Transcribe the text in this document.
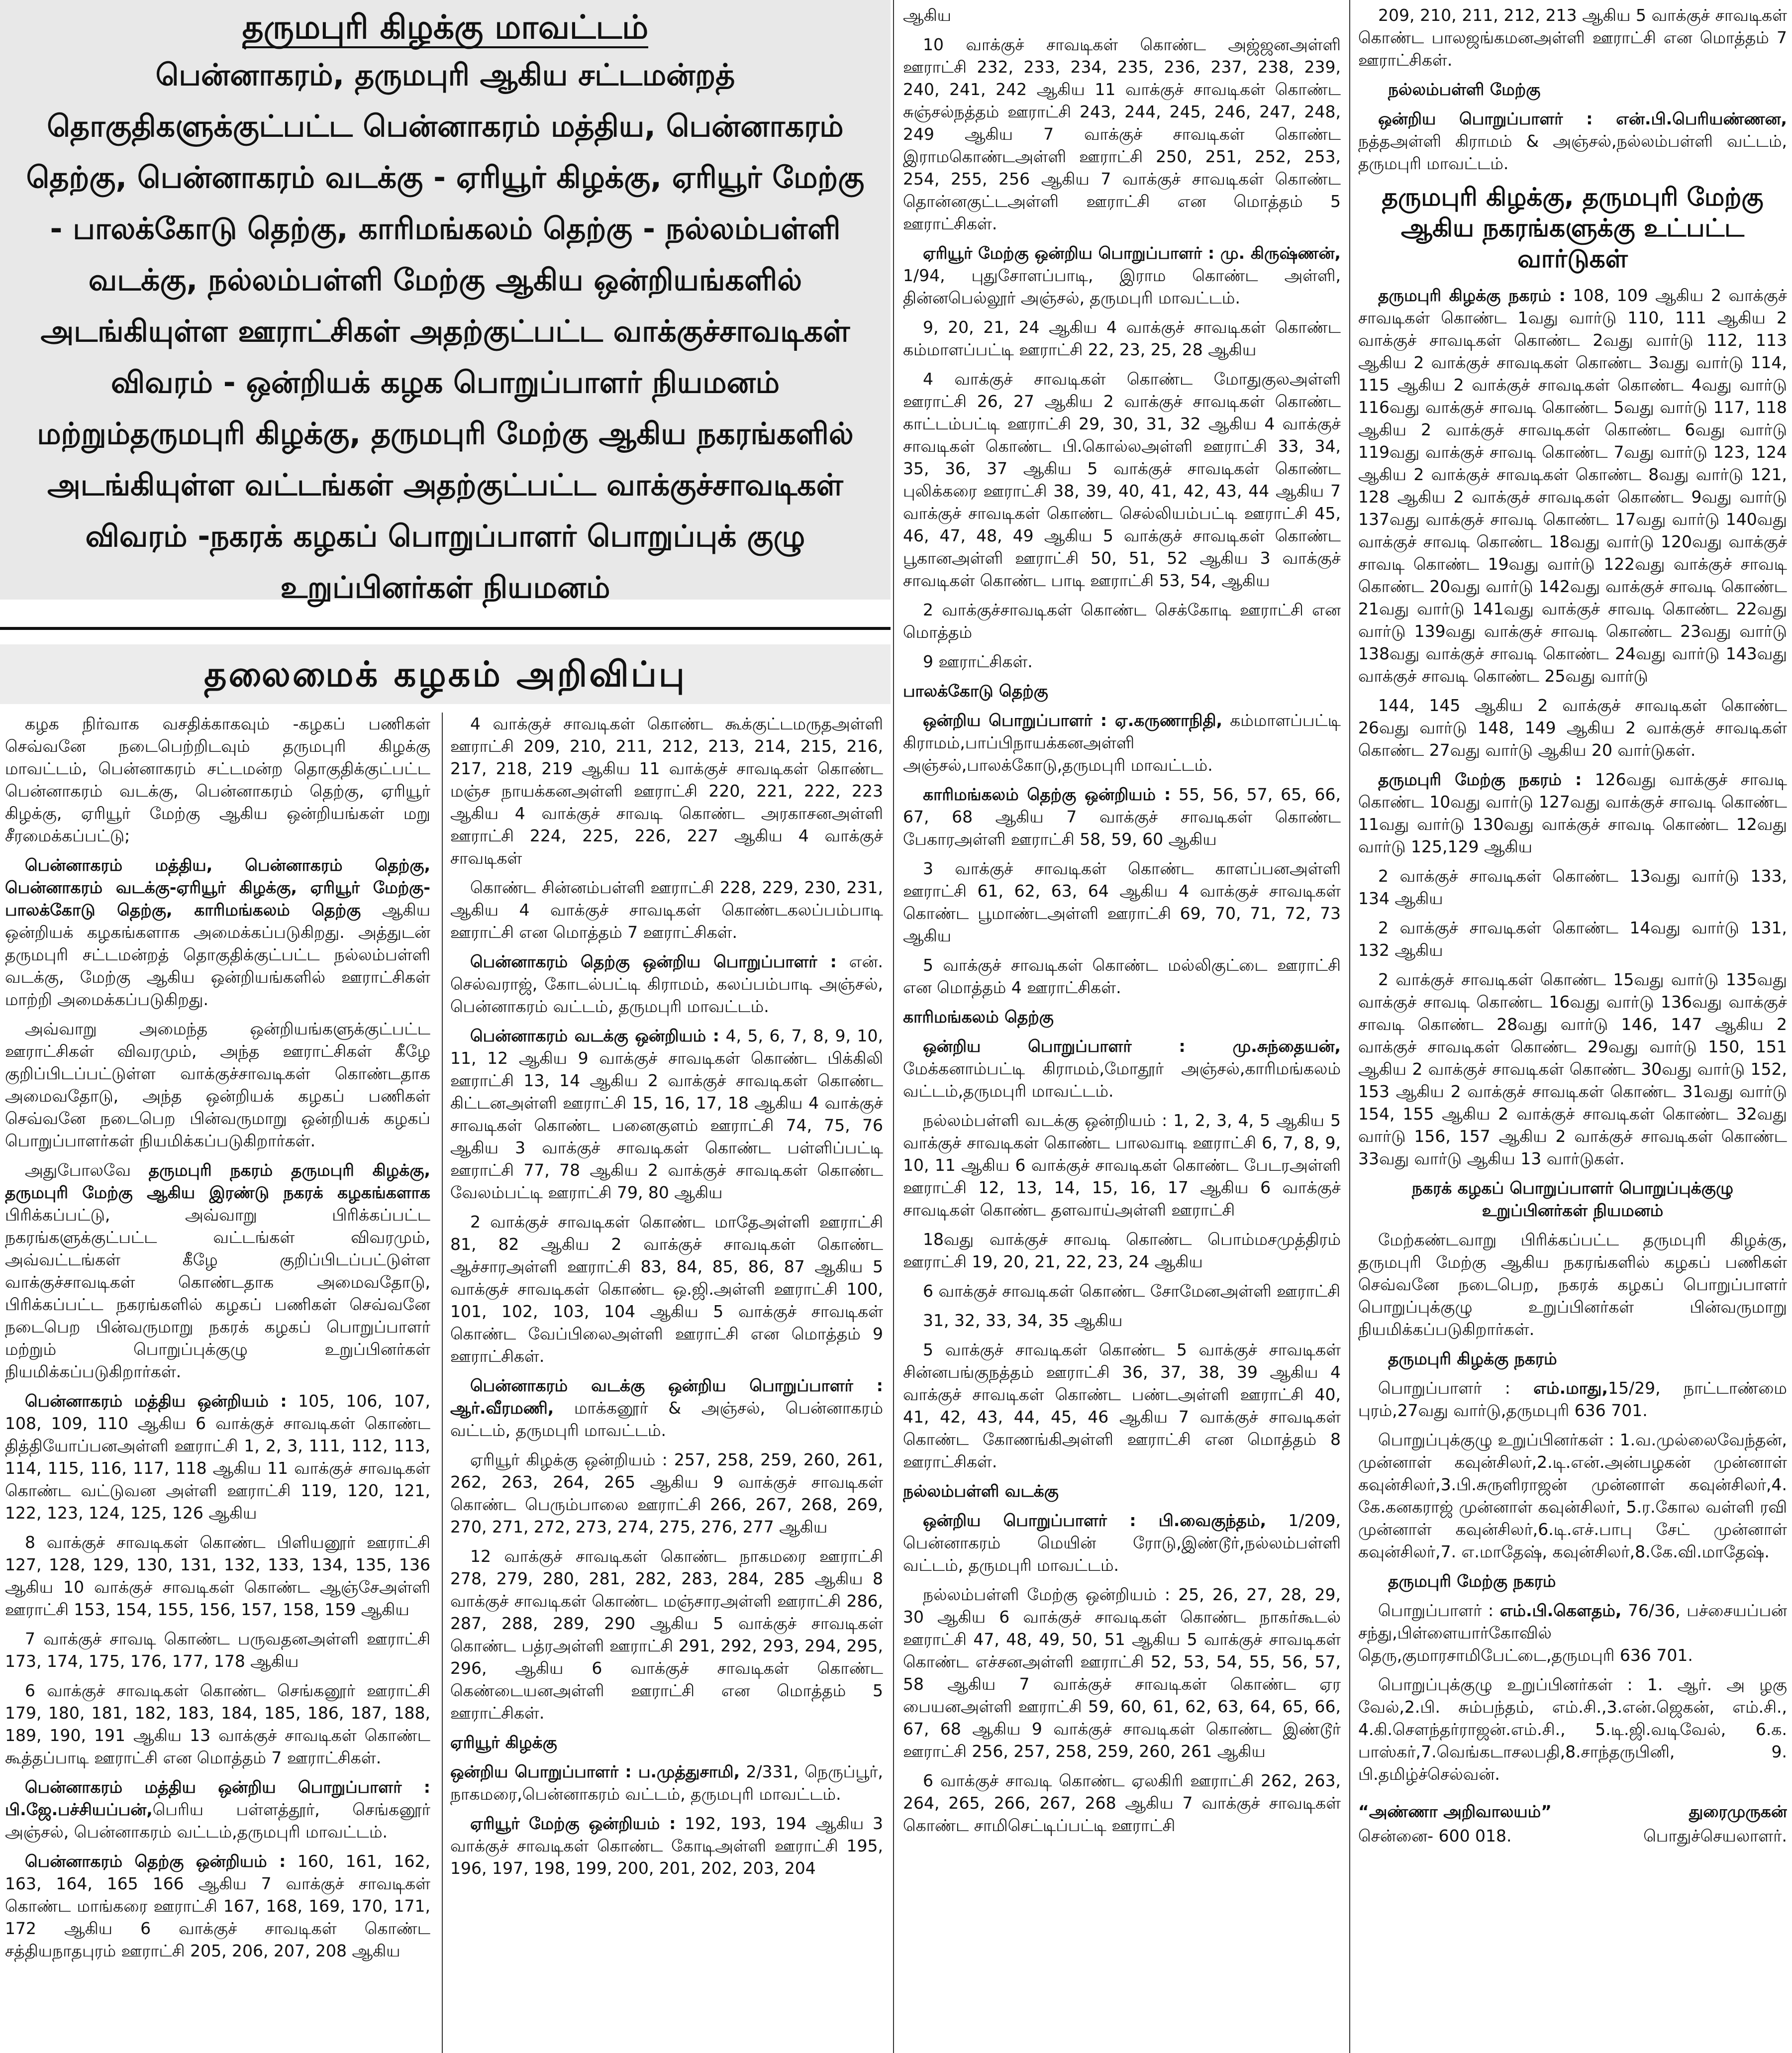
தருமபுரி கிழக்கு மாவட்டம்
பென்னாகரம், தருமபுரி ஆகிய சட்டமன்றத் தொகுதிகளுக்குட்பட்ட பென்னாகரம் மத்திய, பென்னாகரம் தெற்கு, பென்னாகரம் வடக்கு - ஏரியூர் கிழக்கு, ஏரியூர் மேற்கு - பாலக்கோடு தெற்கு, காரிமங்கலம் தெற்கு - நல்லம்பள்ளி வடக்கு, நல்லம்பள்ளி மேற்கு ஆகிய ஒன்றியங்களில் அடங்கியுள்ள ஊராட்சிகள் அதற்குட்பட்ட வாக்குச்சாவடிகள் விவரம் - ஒன்றியக் கழக பொறுப்பாளர் நியமனம் மற்றும்தருமபுரி கிழக்கு, தருமபுரி மேற்கு ஆகிய நகரங்களில் அடங்கியுள்ள வட்டங்கள் அதற்குட்பட்ட வாக்குச்சாவடிகள் விவரம் -நகரக் கழகப் பொறுப்பாளர் பொறுப்புக் குழு உறுப்பினர்கள் நியமனம்
தலைமைக் கழகம் அறிவிப்பு

கழக நிர்வாக வசதிக்காகவும் -கழகப் பணிகள் செவ்வனே நடைபெற்றிடவும் தருமபுரி கிழக்கு மாவட்டம், பென்னாகரம் சட்டமன்ற தொகுதிக்குட்பட்ட பென்னாகரம் வடக்கு, பென்னாகரம் தெற்கு, ஏரியூர் கிழக்கு, ஏரியூர் மேற்கு ஆகிய ஒன்றியங்கள் மறு சீரமைக்கப்பட்டு;

பென்னாகரம் மத்திய, பென்னாகரம் தெற்கு, பென்னாகரம் வடக்கு-ஏரியூர் கிழக்கு, ஏரியூர் மேற்கு-பாலக்கோடு தெற்கு, காரிமங்கலம் தெற்கு ஆகிய ஒன்றியக் கழகங்களாக அமைக்கப்படுகிறது. அத்துடன் தருமபுரி சட்டமன்றத் தொகுதிக்குட்பட்ட நல்லம்பள்ளி வடக்கு, மேற்கு ஆகிய ஒன்றியங்களில் ஊராட்சிகள் மாற்றி அமைக்கப்படுகிறது.

அவ்வாறு அமைந்த ஒன்றியங்களுக்குட்பட்ட ஊராட்சிகள் விவரமும், அந்த ஊராட்சிகள் கீழே குறிப்பிடப்பட்டுள்ள வாக்குச்சாவடிகள் கொண்டதாக அமைவதோடு, அந்த ஒன்றியக் கழகப் பணிகள் செவ்வனே நடைபெற பின்வருமாறு ஒன்றியக் கழகப் பொறுப்பாளர்கள் நியமிக்கப்படுகிறார்கள்.

அதுபோலவே தருமபுரி நகரம் தருமபுரி கிழக்கு, தருமபுரி மேற்கு ஆகிய இரண்டு நகரக் கழகங்களாக பிரிக்கப்பட்டு, அவ்வாறு பிரிக்கப்பட்ட நகரங்களுக்குட்பட்ட வட்டங்கள் விவரமும், அவ்வட்டங்கள் கீழே குறிப்பிடப்பட்டுள்ள வாக்குச்சாவடிகள் கொண்டதாக அமைவதோடு, பிரிக்கப்பட்ட நகரங்களில் கழகப் பணிகள் செவ்வனே நடைபெற பின்வருமாறு நகரக் கழகப் பொறுப்பாளர் மற்றும் பொறுப்புக்குழு உறுப்பினர்கள் நியமிக்கப்படுகிறார்கள்.

பென்னாகரம் மத்திய ஒன்றியம் : 105, 106, 107, 108, 109, 110 ஆகிய 6 வாக்குச் சாவடிகள் கொண்ட தித்தியோப்பனஅள்ளி ஊராட்சி 1, 2, 3, 111, 112, 113, 114, 115, 116, 117, 118 ஆகிய 11 வாக்குச் சாவடிகள் கொண்ட வட்டுவன அள்ளி ஊராட்சி 119, 120, 121, 122, 123, 124, 125, 126 ஆகிய

8 வாக்குச் சாவடிகள் கொண்ட பிளியனூர் ஊராட்சி 127, 128, 129, 130, 131, 132, 133, 134, 135, 136 ஆகிய 10 வாக்குச் சாவடிகள் கொண்ட ஆஞ்சேஅள்ளி ஊராட்சி 153, 154, 155, 156, 157, 158, 159 ஆகிய

7 வாக்குச் சாவடி கொண்ட பருவதனஅள்ளி ஊராட்சி 173, 174, 175, 176, 177, 178 ஆகிய

6 வாக்குச் சாவடிகள் கொண்ட செங்கனூர் ஊராட்சி 179, 180, 181, 182, 183, 184, 185, 186, 187, 188, 189, 190, 191 ஆகிய 13 வாக்குச் சாவடிகள் கொண்ட கூத்தப்பாடி ஊராட்சி என மொத்தம் 7 ஊராட்சிகள்.

பென்னாகரம் மத்திய ஒன்றிய பொறுப்பாளர் : பி.ஜே.பச்சியப்பன்,பெரிய பள்ளத்தூர், செங்கனூர் அஞ்சல், பென்னாகரம் வட்டம்,தருமபுரி மாவட்டம்.

பென்னாகரம் தெற்கு ஒன்றியம் : 160, 161, 162, 163, 164, 165 166 ஆகிய 7 வாக்குச் சாவடிகள் கொண்ட மாங்கரை ஊராட்சி 167, 168, 169, 170, 171, 172 ஆகிய 6 வாக்குச் சாவடிகள் கொண்ட சத்தியநாதபுரம் ஊராட்சி 205, 206, 207, 208 ஆகிய

4 வாக்குச் சாவடிகள் கொண்ட கூக்குட்டமருதஅள்ளி ஊராட்சி 209, 210, 211, 212, 213, 214, 215, 216, 217, 218, 219 ஆகிய 11 வாக்குச் சாவடிகள் கொண்ட மஞ்ச நாயக்கனஅள்ளி ஊராட்சி 220, 221, 222, 223 ஆகிய 4 வாக்குச் சாவடி கொண்ட அரகாசனஅள்ளி ஊராட்சி 224, 225, 226, 227 ஆகிய 4 வாக்குச் சாவடிகள்

கொண்ட சின்னம்பள்ளி ஊராட்சி 228, 229, 230, 231, ஆகிய 4 வாக்குச் சாவடிகள் கொண்டகலப்பம்பாடி ஊராட்சி என மொத்தம் 7 ஊராட்சிகள்.

பென்னாகரம் தெற்கு ஒன்றிய பொறுப்பாளர் : என். செல்வராஜ், கோடல்பட்டி கிராமம், கலப்பம்பாடி அஞ்சல், பென்னாகரம் வட்டம், தருமபுரி மாவட்டம்.

பென்னாகரம் வடக்கு ஒன்றியம் : 4, 5, 6, 7, 8, 9, 10, 11, 12 ஆகிய 9 வாக்குச் சாவடிகள் கொண்ட பிக்கிலி ஊராட்சி 13, 14 ஆகிய 2 வாக்குச் சாவடிகள் கொண்ட கிட்டனஅள்ளி ஊராட்சி 15, 16, 17, 18 ஆகிய 4 வாக்குச் சாவடிகள் கொண்ட பனைகுளம் ஊராட்சி 74, 75, 76 ஆகிய 3 வாக்குச் சாவடிகள் கொண்ட பள்ளிப்பட்டி ஊராட்சி 77, 78 ஆகிய 2 வாக்குச் சாவடிகள் கொண்ட வேலம்பட்டி ஊராட்சி 79, 80 ஆகிய

2 வாக்குச் சாவடிகள் கொண்ட மாதேஅள்ளி ஊராட்சி 81, 82 ஆகிய 2 வாக்குச் சாவடிகள் கொண்ட ஆச்சாரஅள்ளி ஊராட்சி 83, 84, 85, 86, 87 ஆகிய 5 வாக்குச் சாவடிகள் கொண்ட ஒ.ஜி.அள்ளி ஊராட்சி 100, 101, 102, 103, 104 ஆகிய 5 வாக்குச் சாவடிகள் கொண்ட வேப்பிலைஅள்ளி ஊராட்சி என மொத்தம் 9 ஊராட்சிகள்.

பென்னாகரம் வடக்கு ஒன்றிய பொறுப்பாளர் : ஆர்.வீரமணி, மாக்கனூர் & அஞ்சல், பென்னாகரம் வட்டம், தருமபுரி மாவட்டம்.

ஏரியூர் கிழக்கு ஒன்றியம் : 257, 258, 259, 260, 261, 262, 263, 264, 265 ஆகிய 9 வாக்குச் சாவடிகள் கொண்ட பெரும்பாலை ஊராட்சி 266, 267, 268, 269, 270, 271, 272, 273, 274, 275, 276, 277 ஆகிய

12 வாக்குச் சாவடிகள் கொண்ட நாகமரை ஊராட்சி 278, 279, 280, 281, 282, 283, 284, 285 ஆகிய 8 வாக்குச் சாவடிகள் கொண்ட மஞ்சாரஅள்ளி ஊராட்சி 286, 287, 288, 289, 290 ஆகிய 5 வாக்குச் சாவடிகள் கொண்ட பத்ரஅள்ளி ஊராட்சி 291, 292, 293, 294, 295, 296, ஆகிய 6 வாக்குச் சாவடிகள் கொண்ட கெண்டையனஅள்ளி ஊராட்சி என மொத்தம் 5 ஊராட்சிகள்.

ஏரியூர் கிழக்கு

ஒன்றிய பொறுப்பாளர் : ப.முத்துசாமி, 2/331, நெருப்பூர், நாகமரை,பென்னாகரம் வட்டம், தருமபுரி மாவட்டம்.

ஏரியூர் மேற்கு ஒன்றியம் : 192, 193, 194 ஆகிய 3 வாக்குச் சாவடிகள் கொண்ட கோடிஅள்ளி ஊராட்சி 195, 196, 197, 198, 199, 200, 201, 202, 203, 204

ஆகிய

10 வாக்குச் சாவடிகள் கொண்ட அஜ்ஜனஅள்ளி ஊராட்சி 232, 233, 234, 235, 236, 237, 238, 239, 240, 241, 242 ஆகிய 11 வாக்குச் சாவடிகள் கொண்ட சுஞ்சல்நத்தம் ஊராட்சி 243, 244, 245, 246, 247, 248, 249 ஆகிய 7 வாக்குச் சாவடிகள் கொண்ட இராமகொண்டஅள்ளி ஊராட்சி 250, 251, 252, 253, 254, 255, 256 ஆகிய 7 வாக்குச் சாவடிகள் கொண்ட தொன்னகுட்டஅள்ளி ஊராட்சி என மொத்தம் 5 ஊராட்சிகள்.

ஏரியூர் மேற்கு ஒன்றிய பொறுப்பாளர் : மு. கிருஷ்ணன், 1/94, புதுசோளப்பாடி, இராம கொண்ட அள்ளி, தின்னபெல்லூர் அஞ்சல், தருமபுரி மாவட்டம்.

9, 20, 21, 24 ஆகிய 4 வாக்குச் சாவடிகள் கொண்ட கம்மாளப்பட்டி ஊராட்சி 22, 23, 25, 28 ஆகிய

4 வாக்குச் சாவடிகள் கொண்ட மோதுகுலஅள்ளி ஊராட்சி 26, 27 ஆகிய 2 வாக்குச் சாவடிகள் கொண்ட காட்டம்பட்டி ஊராட்சி 29, 30, 31, 32 ஆகிய 4 வாக்குச் சாவடிகள் கொண்ட பி.கொல்லஅள்ளி ஊராட்சி 33, 34, 35, 36, 37 ஆகிய 5 வாக்குச் சாவடிகள் கொண்ட புலிக்கரை ஊராட்சி 38, 39, 40, 41, 42, 43, 44 ஆகிய 7 வாக்குச் சாவடிகள் கொண்ட செல்லியம்பட்டி ஊராட்சி 45, 46, 47, 48, 49 ஆகிய 5 வாக்குச் சாவடிகள் கொண்ட பூகானஅள்ளி ஊராட்சி 50, 51, 52 ஆகிய 3 வாக்குச் சாவடிகள் கொண்ட பாடி ஊராட்சி 53, 54, ஆகிய

2 வாக்குச்சாவடிகள் கொண்ட செக்கோடி ஊராட்சி என மொத்தம்

9 ஊராட்சிகள்.

பாலக்கோடு தெற்கு

ஒன்றிய பொறுப்பாளர் : ஏ.கருணாநிதி, கம்மாளப்பட்டி கிராமம்,பாப்பிநாயக்கனஅள்ளி அஞ்சல்,பாலக்கோடு,தருமபுரி மாவட்டம்.

காரிமங்கலம் தெற்கு ஒன்றியம் : 55, 56, 57, 65, 66, 67, 68 ஆகிய 7 வாக்குச் சாவடிகள் கொண்ட பேகாரஅள்ளி ஊராட்சி 58, 59, 60 ஆகிய

3 வாக்குச் சாவடிகள் கொண்ட காளப்பனஅள்ளி ஊராட்சி 61, 62, 63, 64 ஆகிய 4 வாக்குச் சாவடிகள் கொண்ட பூமாண்டஅள்ளி ஊராட்சி 69, 70, 71, 72, 73 ஆகிய

5 வாக்குச் சாவடிகள் கொண்ட மல்லிகுட்டை ஊராட்சி என மொத்தம் 4 ஊராட்சிகள்.

காரிமங்கலம் தெற்கு

ஒன்றிய பொறுப்பாளர் : மு.சுந்தையன், மேக்கனாம்பட்டி கிராமம்,மோதூர் அஞ்சல்,காரிமங்கலம் வட்டம்,தருமபுரி மாவட்டம்.

நல்லம்பள்ளி வடக்கு ஒன்றியம் : 1, 2, 3, 4, 5 ஆகிய 5 வாக்குச் சாவடிகள் கொண்ட பாலவாடி ஊராட்சி 6, 7, 8, 9, 10, 11 ஆகிய 6 வாக்குச் சாவடிகள் கொண்ட பேடரஅள்ளி ஊராட்சி 12, 13, 14, 15, 16, 17 ஆகிய 6 வாக்குச் சாவடிகள் கொண்ட தளவாய்அள்ளி ஊராட்சி

18வது வாக்குச் சாவடி கொண்ட பொம்மசமுத்திரம் ஊராட்சி 19, 20, 21, 22, 23, 24 ஆகிய

6 வாக்குச் சாவடிகள் கொண்ட சோமேனஅள்ளி ஊராட்சி

31, 32, 33, 34, 35 ஆகிய

5 வாக்குச் சாவடிகள் கொண்ட 5 வாக்குச் சாவடிகள் சின்னபங்குநத்தம் ஊராட்சி 36, 37, 38, 39 ஆகிய 4 வாக்குச் சாவடிகள் கொண்ட பண்டஅள்ளி ஊராட்சி 40, 41, 42, 43, 44, 45, 46 ஆகிய 7 வாக்குச் சாவடிகள் கொண்ட கோணங்கிஅள்ளி ஊராட்சி என மொத்தம் 8 ஊராட்சிகள்.

நல்லம்பள்ளி வடக்கு

ஒன்றிய பொறுப்பாளர் : பி.வைகுந்தம், 1/209, பென்னாகரம் மெயின் ரோடு,இண்டூர்,நல்லம்பள்ளி வட்டம், தருமபுரி மாவட்டம்.

நல்லம்பள்ளி மேற்கு ஒன்றியம் : 25, 26, 27, 28, 29, 30 ஆகிய 6 வாக்குச் சாவடிகள் கொண்ட நாகர்கூடல் ஊராட்சி 47, 48, 49, 50, 51 ஆகிய 5 வாக்குச் சாவடிகள் கொண்ட எச்சனஅள்ளி ஊராட்சி 52, 53, 54, 55, 56, 57, 58 ஆகிய 7 வாக்குச் சாவடிகள் கொண்ட ஏர பையனஅள்ளி ஊராட்சி 59, 60, 61, 62, 63, 64, 65, 66, 67, 68 ஆகிய 9 வாக்குச் சாவடிகள் கொண்ட இண்டூர் ஊராட்சி 256, 257, 258, 259, 260, 261 ஆகிய

6 வாக்குச் சாவடி கொண்ட ஏலகிரி ஊராட்சி 262, 263, 264, 265, 266, 267, 268 ஆகிய 7 வாக்குச் சாவடிகள் கொண்ட சாமிசெட்டிப்பட்டி ஊராட்சி

209, 210, 211, 212, 213 ஆகிய 5 வாக்குச் சாவடிகள் கொண்ட பாலஜங்கமனஅள்ளி ஊராட்சி என மொத்தம் 7 ஊராட்சிகள்.

நல்லம்பள்ளி மேற்கு

ஒன்றிய பொறுப்பாளர் : என்.பி.பெரியண்ணன, நத்தஅள்ளி கிராமம் & அஞ்சல்,நல்லம்பள்ளி வட்டம், தருமபுரி மாவட்டம்.

தருமபுரி கிழக்கு, தருமபுரி மேற்கு ஆகிய நகரங்களுக்கு உட்பட்ட வார்டுகள்

தருமபுரி கிழக்கு நகரம் : 108, 109 ஆகிய 2 வாக்குச் சாவடிகள் கொண்ட 1வது வார்டு 110, 111 ஆகிய 2 வாக்குச் சாவடிகள் கொண்ட 2வது வார்டு 112, 113 ஆகிய 2 வாக்குச் சாவடிகள் கொண்ட 3வது வார்டு 114, 115 ஆகிய 2 வாக்குச் சாவடிகள் கொண்ட 4வது வார்டு 116வது வாக்குச் சாவடி கொண்ட 5வது வார்டு 117, 118 ஆகிய 2 வாக்குச் சாவடிகள் கொண்ட 6வது வார்டு 119வது வாக்குச் சாவடி கொண்ட 7வது வார்டு 123, 124 ஆகிய 2 வாக்குச் சாவடிகள் கொண்ட 8வது வார்டு 121, 128 ஆகிய 2 வாக்குச் சாவடிகள் கொண்ட 9வது வார்டு 137வது வாக்குச் சாவடி கொண்ட 17வது வார்டு 140வது வாக்குச் சாவடி கொண்ட 18வது வார்டு 120வது வாக்குச் சாவடி கொண்ட 19வது வார்டு 122வது வாக்குச் சாவடி கொண்ட 20வது வார்டு 142வது வாக்குச் சாவடி கொண்ட 21வது வார்டு 141வது வாக்குச் சாவடி கொண்ட 22வது வார்டு 139வது வாக்குச் சாவடி கொண்ட 23வது வார்டு 138வது வாக்குச் சாவடி கொண்ட 24வது வார்டு 143வது வாக்குச் சாவடி கொண்ட 25வது வார்டு

144, 145 ஆகிய 2 வாக்குச் சாவடிகள் கொண்ட 26வது வார்டு 148, 149 ஆகிய 2 வாக்குச் சாவடிகள் கொண்ட 27வது வார்டு ஆகிய 20 வார்டுகள்.

தருமபுரி மேற்கு நகரம் : 126வது வாக்குச் சாவடி கொண்ட 10வது வார்டு 127வது வாக்குச் சாவடி கொண்ட 11வது வார்டு 130வது வாக்குச் சாவடி கொண்ட 12வது வார்டு 125,129 ஆகிய

2 வாக்குச் சாவடிகள் கொண்ட 13வது வார்டு 133, 134 ஆகிய

2 வாக்குச் சாவடிகள் கொண்ட 14வது வார்டு 131, 132 ஆகிய

2 வாக்குச் சாவடிகள் கொண்ட 15வது வார்டு 135வது வாக்குச் சாவடி கொண்ட 16வது வார்டு 136வது வாக்குச் சாவடி கொண்ட 28வது வார்டு 146, 147 ஆகிய 2 வாக்குச் சாவடிகள் கொண்ட 29வது வார்டு 150, 151 ஆகிய 2 வாக்குச் சாவடிகள் கொண்ட 30வது வார்டு 152, 153 ஆகிய 2 வாக்குச் சாவடிகள் கொண்ட 31வது வார்டு 154, 155 ஆகிய 2 வாக்குச் சாவடிகள் கொண்ட 32வது வார்டு 156, 157 ஆகிய 2 வாக்குச் சாவடிகள் கொண்ட 33வது வார்டு ஆகிய 13 வார்டுகள்.

நகரக் கழகப் பொறுப்பாளர் பொறுப்புக்குழு உறுப்பினர்கள் நியமனம்

மேற்கண்டவாறு பிரிக்கப்பட்ட தருமபுரி கிழக்கு, தருமபுரி மேற்கு ஆகிய நகரங்களில் கழகப் பணிகள் செவ்வனே நடைபெற, நகரக் கழகப் பொறுப்பாளர் பொறுப்புக்குழு உறுப்பினர்கள் பின்வருமாறு நியமிக்கப்படுகிறார்கள்.

தருமபுரி கிழக்கு நகரம்

பொறுப்பாளர் : எம்.மாது,15/29, நாட்டாண்மை புரம்,27வது வார்டு,தருமபுரி 636 701.

பொறுப்புக்குழு உறுப்பினர்கள் : 1.வ.முல்லைவேந்தன், முன்னாள் கவுன்சிலர்,2.டி.என்.அன்பழகன் முன்னாள் கவுன்சிலர்,3.பி.சுருளிராஜன் முன்னாள் கவுன்சிலர்,4. கே.கனகராஜ் முன்னாள் கவுன்சிலர், 5.ர.கோல வள்ளி ரவி முன்னாள் கவுன்சிலர்,6.டி.எச்.பாபு சேட் முன்னாள் கவுன்சிலர்,7. எ.மாதேஷ், கவுன்சிலர்,8.கே.வி.மாதேஷ்.

தருமபுரி மேற்கு நகரம்

பொறுப்பாளர் : எம்.பி.கௌதம், 76/36, பச்சையப்பன் சந்து,பிள்ளையார்கோவில் தெரு,குமாரசாமிபேட்டை,தருமபுரி 636 701.

பொறுப்புக்குழு உறுப்பினர்கள் : 1. ஆர். அ ழகு வேல்,2.பி. சும்பந்தம், எம்.சி.,3.என்.ஜெகன், எம்.சி., 4.கி.சௌந்தர்ராஜன்.எம்.சி., 5.டி.ஜி.வடிவேல், 6.க. பாஸ்கர்,7.வெங்கடாசலபதி,8.சாந்தருபினி, 9. பி.தமிழ்ச்செல்வன்.

“அண்ணா அறிவாலயம்”	துரைமுருகன்
சென்னை- 600 018.	பொதுச்செயலாளர்.
